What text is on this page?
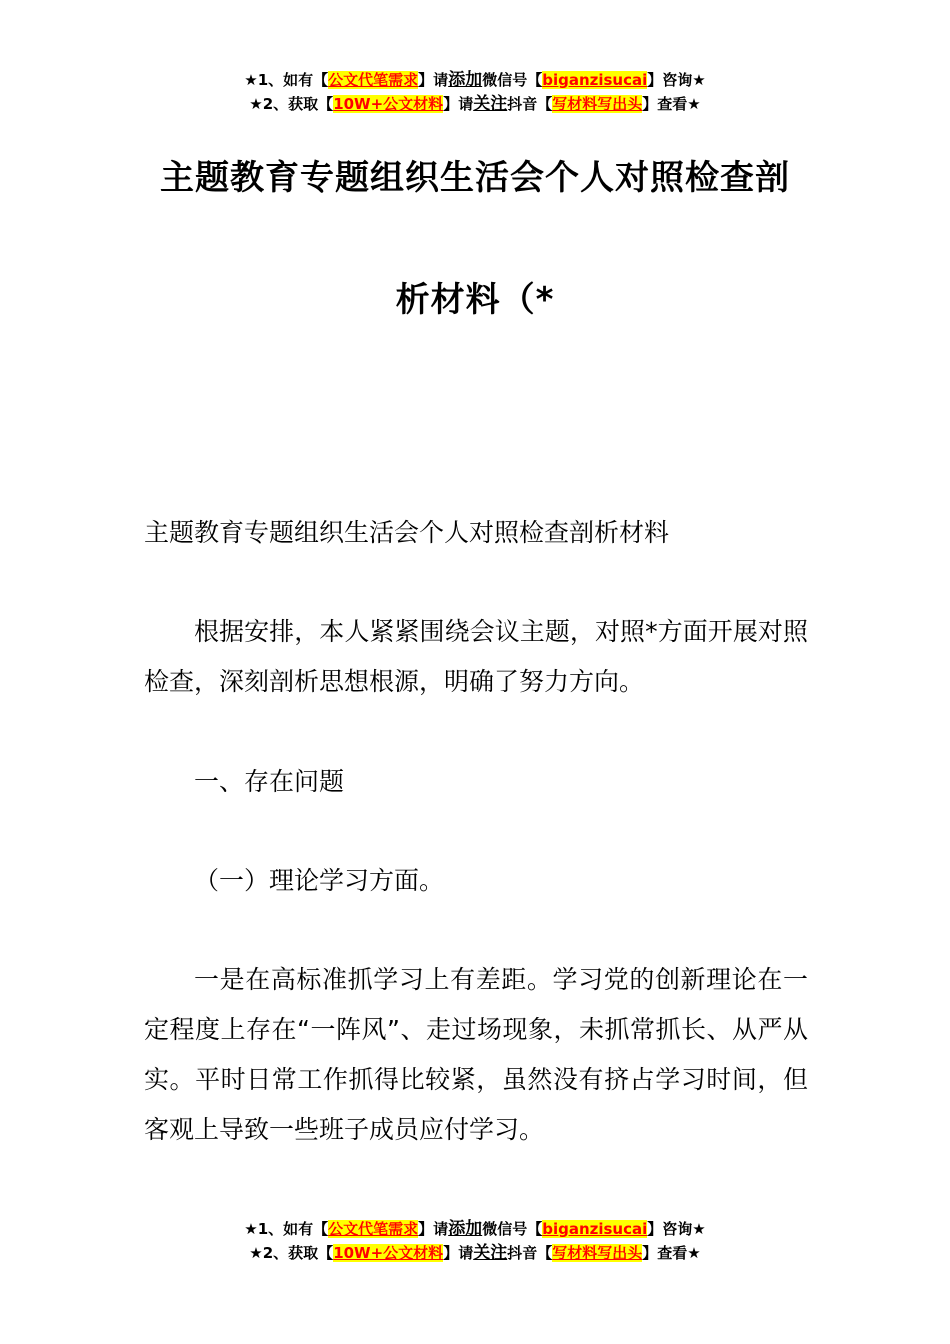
★1、如有【公文代笔需求】请添加微信号【biganzisucai】咨询★
★2、获取【10W+公文材料】请关注抖音【写材料写出头】查看★
主题教育专题组织生活会个人对照检查剖
析材料（*
主题教育专题组织生活会个人对照检查剖析材料
根据安排，本人紧紧围绕会议主题，对照*方面开展对照检查，深刻剖析思想根源，明确了努力方向。
一、存在问题
（一）理论学习方面。
一是在高标准抓学习上有差距。学习党的创新理论在一定程度上存在“一阵风”、走过场现象，未抓常抓长、从严从实。平时日常工作抓得比较紧，虽然没有挤占学习时间，但客观上导致一些班子成员应付学习。
★1、如有【公文代笔需求】请添加微信号【biganzisucai】咨询★
★2、获取【10W+公文材料】请关注抖音【写材料写出头】查看★
